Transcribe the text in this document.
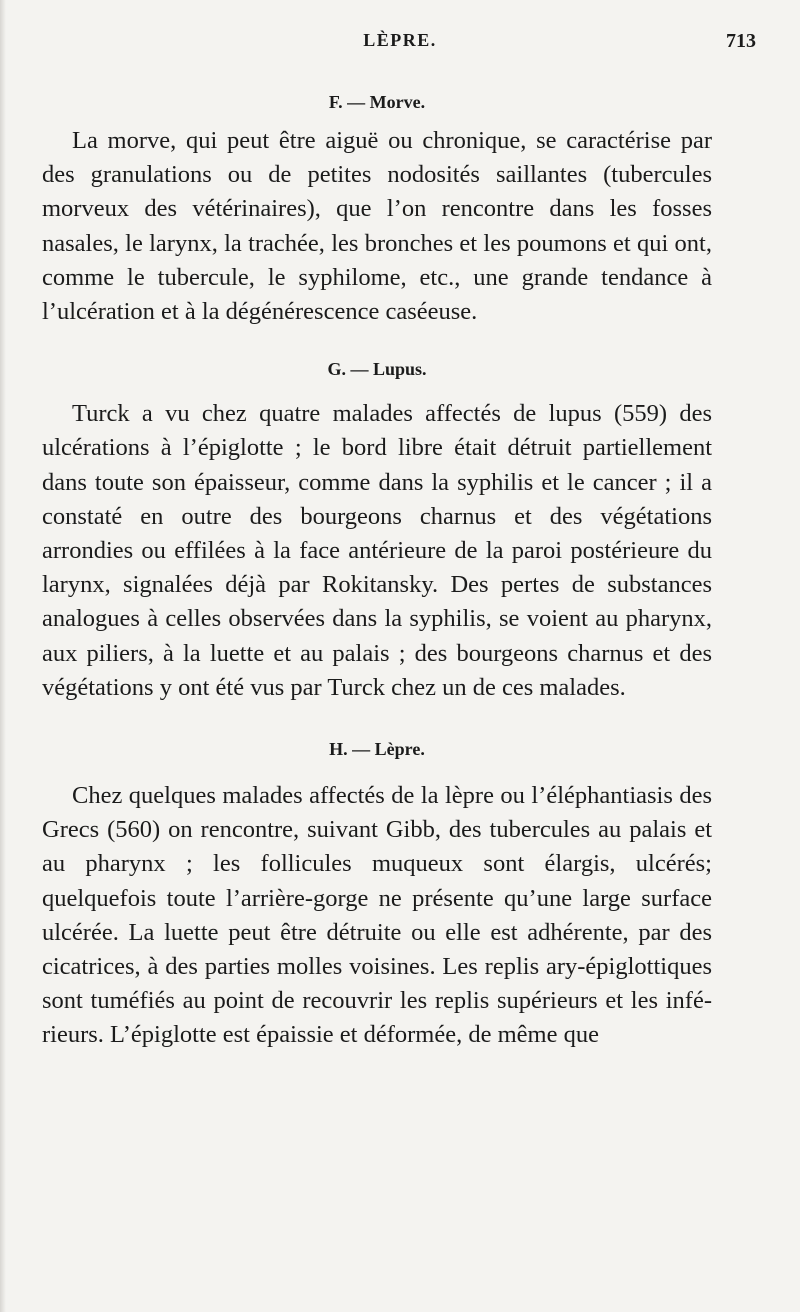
LÈPRE.	713
F. — Morve.

La morve, qui peut être aiguë ou chronique, se caractérise par des granulations ou de petites nodosités saillantes (tubercules morveux des vétérinaires), que l’on rencontre dans les fosses nasales, le larynx, la trachée, les bronches et les poumons et qui ont, comme le tubercule, le syphilome, etc., une grande tendance à l’ulcération et à la dégénérescence caséeuse.

G. — Lupus.

Turck a vu chez quatre malades affectés de lupus (559) des ulcérations à l’épiglotte ; le bord libre était détruit partiellement dans toute son épaisseur, comme dans la syphilis et le cancer ; il a constaté en outre des bourgeons charnus et des végétations arrondies ou effilées à la face antérieure de la paroi postérieure du larynx, signalées déjà par Rokitansky. Des pertes de substances analogues à celles observées dans la syphilis, se voient au pharynx, aux piliers, à la luette et au palais ; des bourgeons charnus et des végétations y ont été vus par Turck chez un de ces malades.

H. — Lèpre.

Chez quelques malades affectés de la lèpre ou l’éléphantiasis des Grecs (560) on rencontre, suivant Gibb, des tubercules au palais et au pharynx ; les follicules muqueux sont élargis, ulcérés; quelquefois toute l’arrière-gorge ne présente qu’une large surface ulcérée. La luette peut être détruite ou elle est adhérente, par des cicatrices, à des parties molles voisines. Les replis ary-épiglottiques sont tuméfiés au point de recouvrir les replis supérieurs et les inférieurs. L’épiglotte est épaissie et déformée, de même que
